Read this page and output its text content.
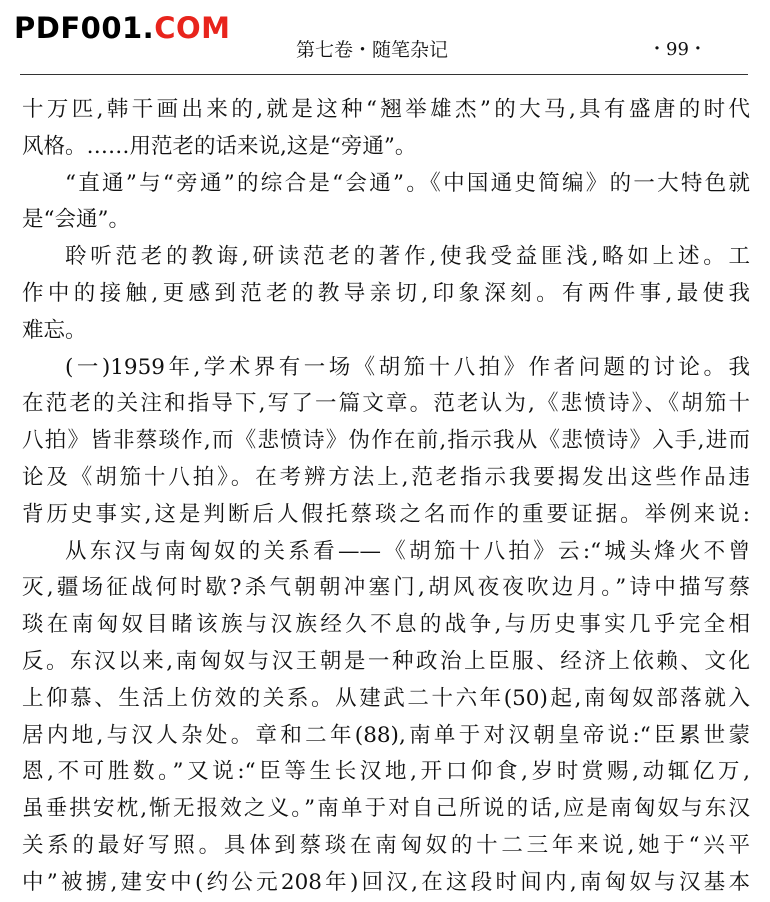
PDF001.COM
第七卷・随笔杂记	・99・
十万匹,韩干画出来的,就是这种“翘举雄杰”的大马,具有盛唐的时代
风格。……用范老的话来说,这是“旁通”。
“直通”与“旁通”的综合是“会通”。《中国通史简编》的一大特色就
是“会通”。
聆听范老的教诲,研读范老的著作,使我受益匪浅,略如上述。工
作中的接触,更感到范老的教导亲切,印象深刻。有两件事,最使我
难忘。
(一)1959年,学术界有一场《胡笳十八拍》作者问题的讨论。我
在范老的关注和指导下,写了一篇文章。范老认为,《悲愤诗》、《胡笳十
八拍》皆非蔡琰作,而《悲愤诗》伪作在前,指示我从《悲愤诗》入手,进而
论及《胡笳十八拍》。在考辨方法上,范老指示我要揭发出这些作品违
背历史事实,这是判断后人假托蔡琰之名而作的重要证据。举例来说:
从东汉与南匈奴的关系看——《胡笳十八拍》云:“城头烽火不曾
灭,疆场征战何时歇?杀气朝朝冲塞门,胡风夜夜吹边月。”诗中描写蔡
琰在南匈奴目睹该族与汉族经久不息的战争,与历史事实几乎完全相
反。东汉以来,南匈奴与汉王朝是一种政治上臣服、经济上依赖、文化
上仰慕、生活上仿效的关系。从建武二十六年(50)起,南匈奴部落就入
居内地,与汉人杂处。章和二年(88),南单于对汉朝皇帝说:“臣累世蒙
恩,不可胜数。”又说:“臣等生长汉地,开口仰食,岁时赏赐,动辄亿万,
虽垂拱安枕,惭无报效之义。”南单于对自己所说的话,应是南匈奴与东汉
关系的最好写照。具体到蔡琰在南匈奴的十二三年来说,她于“兴平
中”被掳,建安中(约公元208年)回汉,在这段时间内,南匈奴与汉基本
